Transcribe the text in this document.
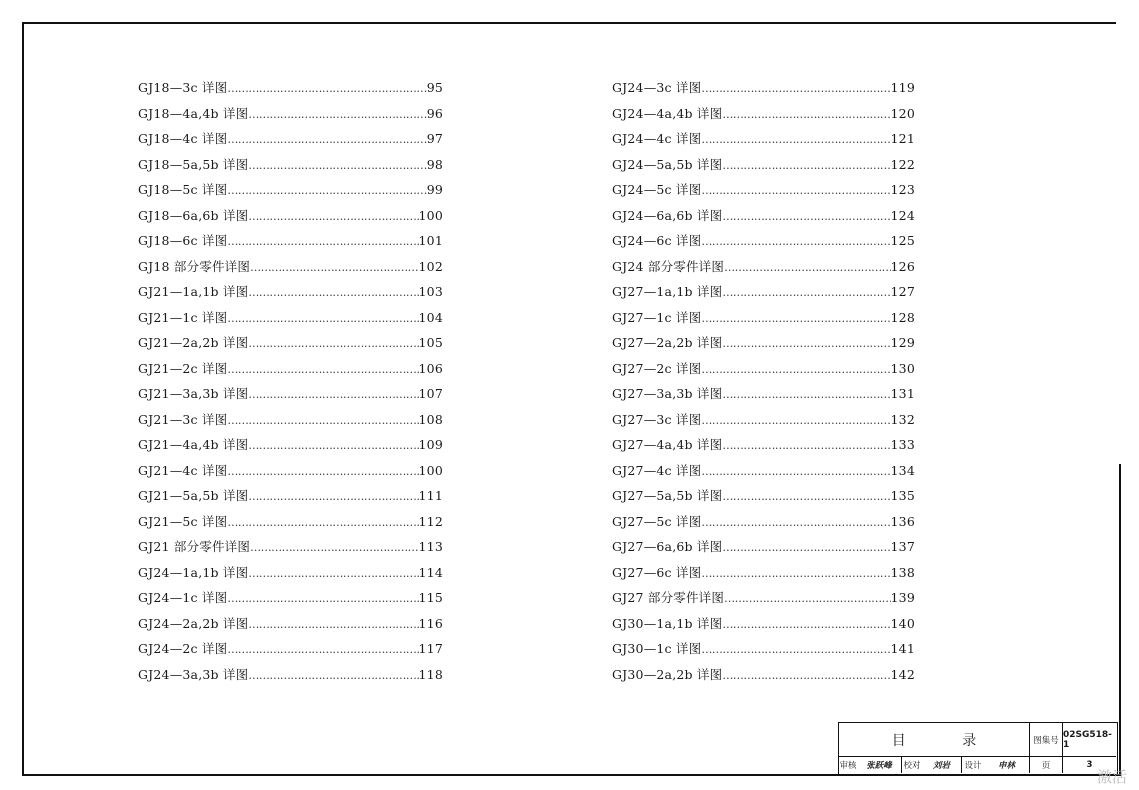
GJ18—3c 详图 …………………………………………………………………………………………………………………………	95
GJ18—4a,4b 详图 …………………………………………………………………………………………………………………………	96
GJ18—4c 详图 …………………………………………………………………………………………………………………………	97
GJ18—5a,5b 详图 …………………………………………………………………………………………………………………………	98
GJ18—5c 详图 …………………………………………………………………………………………………………………………	99
GJ18—6a,6b 详图 …………………………………………………………………………………………………………………………	100
GJ18—6c 详图 …………………………………………………………………………………………………………………………	101
GJ18 部分零件详图 …………………………………………………………………………………………………………………………	102
GJ21—1a,1b 详图 …………………………………………………………………………………………………………………………	103
GJ21—1c 详图 …………………………………………………………………………………………………………………………	104
GJ21—2a,2b 详图 …………………………………………………………………………………………………………………………	105
GJ21—2c 详图 …………………………………………………………………………………………………………………………	106
GJ21—3a,3b 详图 …………………………………………………………………………………………………………………………	107
GJ21—3c 详图 …………………………………………………………………………………………………………………………	108
GJ21—4a,4b 详图 …………………………………………………………………………………………………………………………	109
GJ21—4c 详图 …………………………………………………………………………………………………………………………	100
GJ21—5a,5b 详图 …………………………………………………………………………………………………………………………	111
GJ21—5c 详图 …………………………………………………………………………………………………………………………	112
GJ21 部分零件详图 …………………………………………………………………………………………………………………………	113
GJ24—1a,1b 详图 …………………………………………………………………………………………………………………………	114
GJ24—1c 详图 …………………………………………………………………………………………………………………………	115
GJ24—2a,2b 详图 …………………………………………………………………………………………………………………………	116
GJ24—2c 详图 …………………………………………………………………………………………………………………………	117
GJ24—3a,3b 详图 …………………………………………………………………………………………………………………………	118
GJ24—3c 详图 …………………………………………………………………………………………………………………………	119
GJ24—4a,4b 详图 …………………………………………………………………………………………………………………………	120
GJ24—4c 详图 …………………………………………………………………………………………………………………………	121
GJ24—5a,5b 详图 …………………………………………………………………………………………………………………………	122
GJ24—5c 详图 …………………………………………………………………………………………………………………………	123
GJ24—6a,6b 详图 …………………………………………………………………………………………………………………………	124
GJ24—6c 详图 …………………………………………………………………………………………………………………………	125
GJ24 部分零件详图 …………………………………………………………………………………………………………………………	126
GJ27—1a,1b 详图 …………………………………………………………………………………………………………………………	127
GJ27—1c 详图 …………………………………………………………………………………………………………………………	128
GJ27—2a,2b 详图 …………………………………………………………………………………………………………………………	129
GJ27—2c 详图 …………………………………………………………………………………………………………………………	130
GJ27—3a,3b 详图 …………………………………………………………………………………………………………………………	131
GJ27—3c 详图 …………………………………………………………………………………………………………………………	132
GJ27—4a,4b 详图 …………………………………………………………………………………………………………………………	133
GJ27—4c 详图 …………………………………………………………………………………………………………………………	134
GJ27—5a,5b 详图 …………………………………………………………………………………………………………………………	135
GJ27—5c 详图 …………………………………………………………………………………………………………………………	136
GJ27—6a,6b 详图 …………………………………………………………………………………………………………………………	137
GJ27—6c 详图 …………………………………………………………………………………………………………………………	138
GJ27 部分零件详图 …………………………………………………………………………………………………………………………	139
GJ30—1a,1b 详图 …………………………………………………………………………………………………………………………	140
GJ30—1c 详图 …………………………………………………………………………………………………………………………	141
GJ30—2a,2b 详图 …………………………………………………………………………………………………………………………	142
目 录	图集号
02SG518-1
审核	张跃峰	校对	刘岩	设计	申林	页	3
激活
